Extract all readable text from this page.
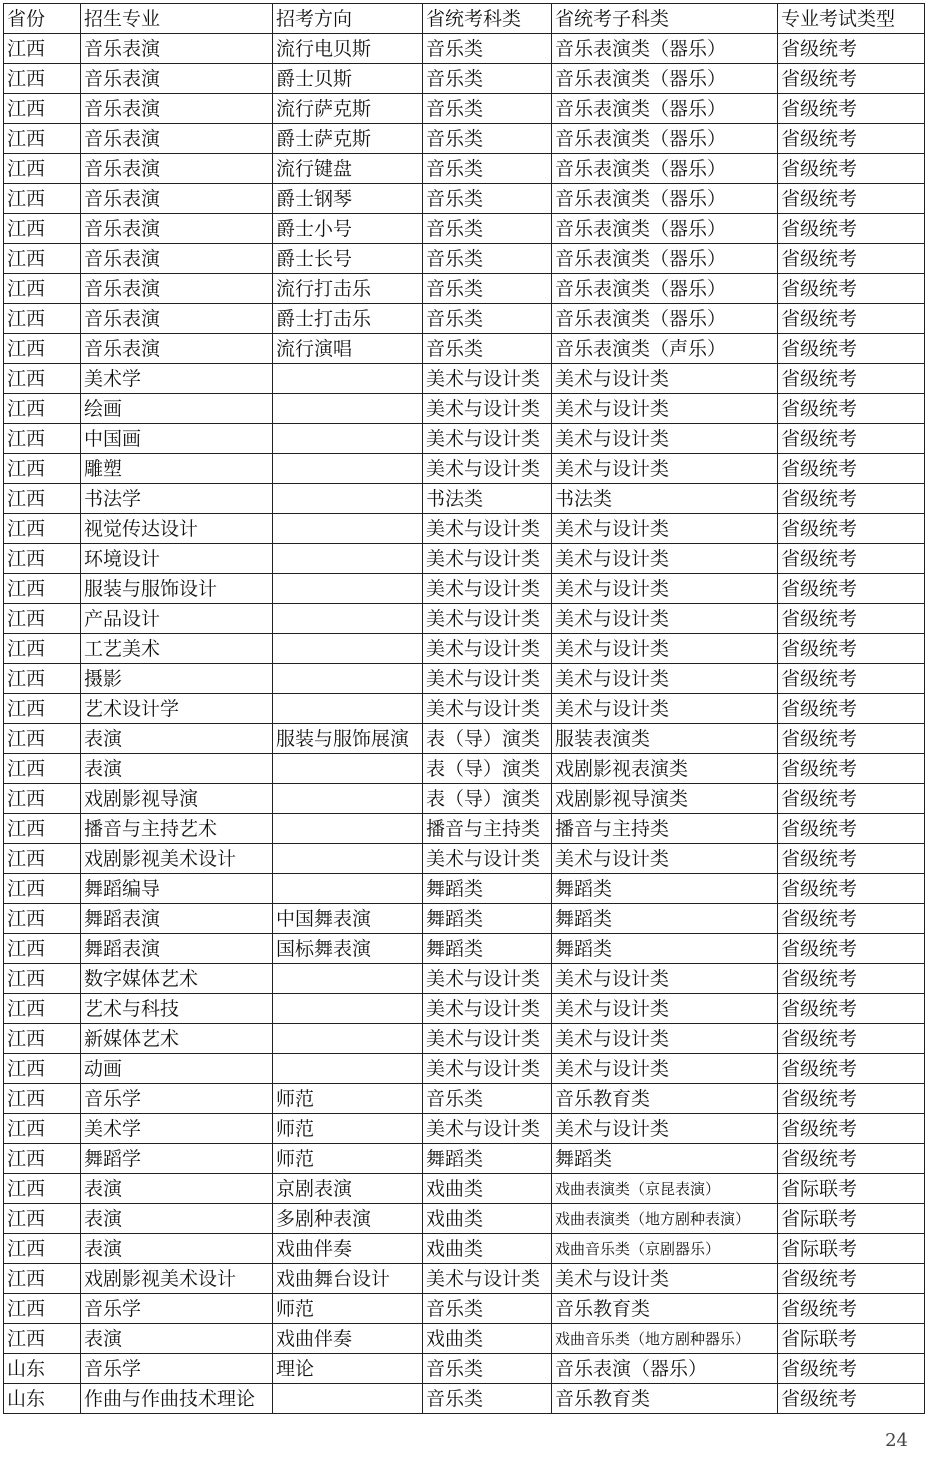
省份	招生专业	招考方向	省统考科类	省统考子科类	专业考试类型
江西	音乐表演	流行电贝斯	音乐类	音乐表演类（器乐）	省级统考
江西	音乐表演	爵士贝斯	音乐类	音乐表演类（器乐）	省级统考
江西	音乐表演	流行萨克斯	音乐类	音乐表演类（器乐）	省级统考
江西	音乐表演	爵士萨克斯	音乐类	音乐表演类（器乐）	省级统考
江西	音乐表演	流行键盘	音乐类	音乐表演类（器乐）	省级统考
江西	音乐表演	爵士钢琴	音乐类	音乐表演类（器乐）	省级统考
江西	音乐表演	爵士小号	音乐类	音乐表演类（器乐）	省级统考
江西	音乐表演	爵士长号	音乐类	音乐表演类（器乐）	省级统考
江西	音乐表演	流行打击乐	音乐类	音乐表演类（器乐）	省级统考
江西	音乐表演	爵士打击乐	音乐类	音乐表演类（器乐）	省级统考
江西	音乐表演	流行演唱	音乐类	音乐表演类（声乐）	省级统考
江西	美术学		美术与设计类	美术与设计类	省级统考
江西	绘画		美术与设计类	美术与设计类	省级统考
江西	中国画		美术与设计类	美术与设计类	省级统考
江西	雕塑		美术与设计类	美术与设计类	省级统考
江西	书法学		书法类	书法类	省级统考
江西	视觉传达设计		美术与设计类	美术与设计类	省级统考
江西	环境设计		美术与设计类	美术与设计类	省级统考
江西	服装与服饰设计		美术与设计类	美术与设计类	省级统考
江西	产品设计		美术与设计类	美术与设计类	省级统考
江西	工艺美术		美术与设计类	美术与设计类	省级统考
江西	摄影		美术与设计类	美术与设计类	省级统考
江西	艺术设计学		美术与设计类	美术与设计类	省级统考
江西	表演	服装与服饰展演	表（导）演类	服装表演类	省级统考
江西	表演		表（导）演类	戏剧影视表演类	省级统考
江西	戏剧影视导演		表（导）演类	戏剧影视导演类	省级统考
江西	播音与主持艺术		播音与主持类	播音与主持类	省级统考
江西	戏剧影视美术设计		美术与设计类	美术与设计类	省级统考
江西	舞蹈编导		舞蹈类	舞蹈类	省级统考
江西	舞蹈表演	中国舞表演	舞蹈类	舞蹈类	省级统考
江西	舞蹈表演	国标舞表演	舞蹈类	舞蹈类	省级统考
江西	数字媒体艺术		美术与设计类	美术与设计类	省级统考
江西	艺术与科技		美术与设计类	美术与设计类	省级统考
江西	新媒体艺术		美术与设计类	美术与设计类	省级统考
江西	动画		美术与设计类	美术与设计类	省级统考
江西	音乐学	师范	音乐类	音乐教育类	省级统考
江西	美术学	师范	美术与设计类	美术与设计类	省级统考
江西	舞蹈学	师范	舞蹈类	舞蹈类	省级统考
江西	表演	京剧表演	戏曲类	戏曲表演类（京昆表演）	省际联考
江西	表演	多剧种表演	戏曲类	戏曲表演类（地方剧种表演）	省际联考
江西	表演	戏曲伴奏	戏曲类	戏曲音乐类（京剧器乐）	省际联考
江西	戏剧影视美术设计	戏曲舞台设计	美术与设计类	美术与设计类	省级统考
江西	音乐学	师范	音乐类	音乐教育类	省级统考
江西	表演	戏曲伴奏	戏曲类	戏曲音乐类（地方剧种器乐）	省际联考
山东	音乐学	理论	音乐类	音乐表演（器乐）	省级统考
山东	作曲与作曲技术理论		音乐类	音乐教育类	省级统考
24
